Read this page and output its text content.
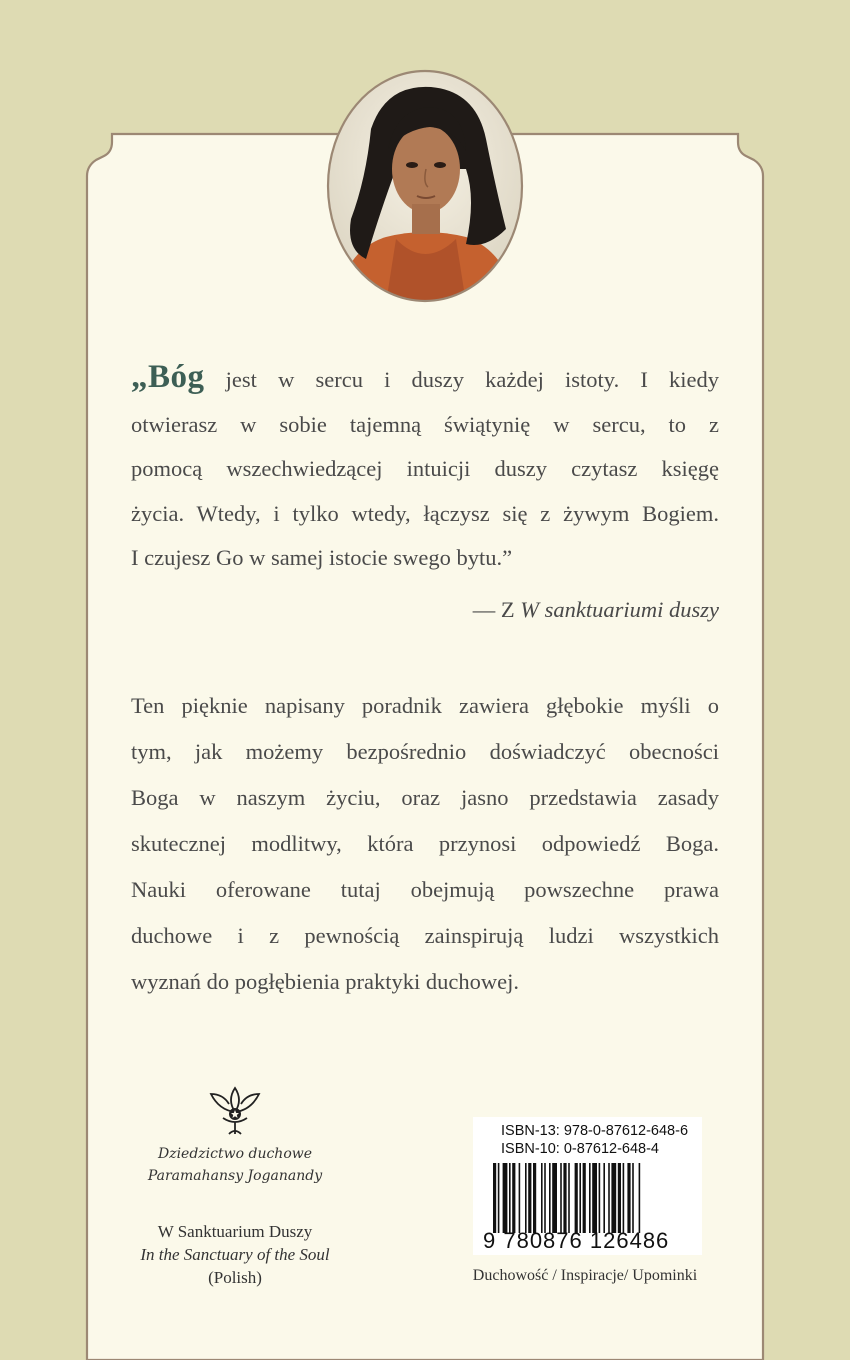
„Bóg jest w sercu i duszy każdej istoty. I kiedy
otwierasz w sobie tajemną świątynię w sercu, to z
pomocą wszechwiedzącej intuicji duszy czytasz księgę
życia. Wtedy, i tylko wtedy, łączysz się z żywym Bogiem.
I czujesz Go w samej istocie swego bytu.”
— Z W sanktuariumi duszy
Ten pięknie napisany poradnik zawiera głębokie myśli o
tym, jak możemy bezpośrednio doświadczyć obecności
Boga w naszym życiu, oraz jasno przedstawia zasady
skutecznej modlitwy, która przynosi odpowiedź Boga.
Nauki oferowane tutaj obejmują powszechne prawa
duchowe i z pewnością zainspirują ludzi wszystkich
wyznań do pogłębienia praktyki duchowej.
Dziedzictwo duchowe
Paramahansy Joganandy
W Sanktuarium Duszy
In the Sanctuary of the Soul
(Polish)
ISBN-13: 978-0-87612-648-6
ISBN-10: 0-87612-648-4
9 780876 126486
Duchowość / Inspiracje/ Upominki
